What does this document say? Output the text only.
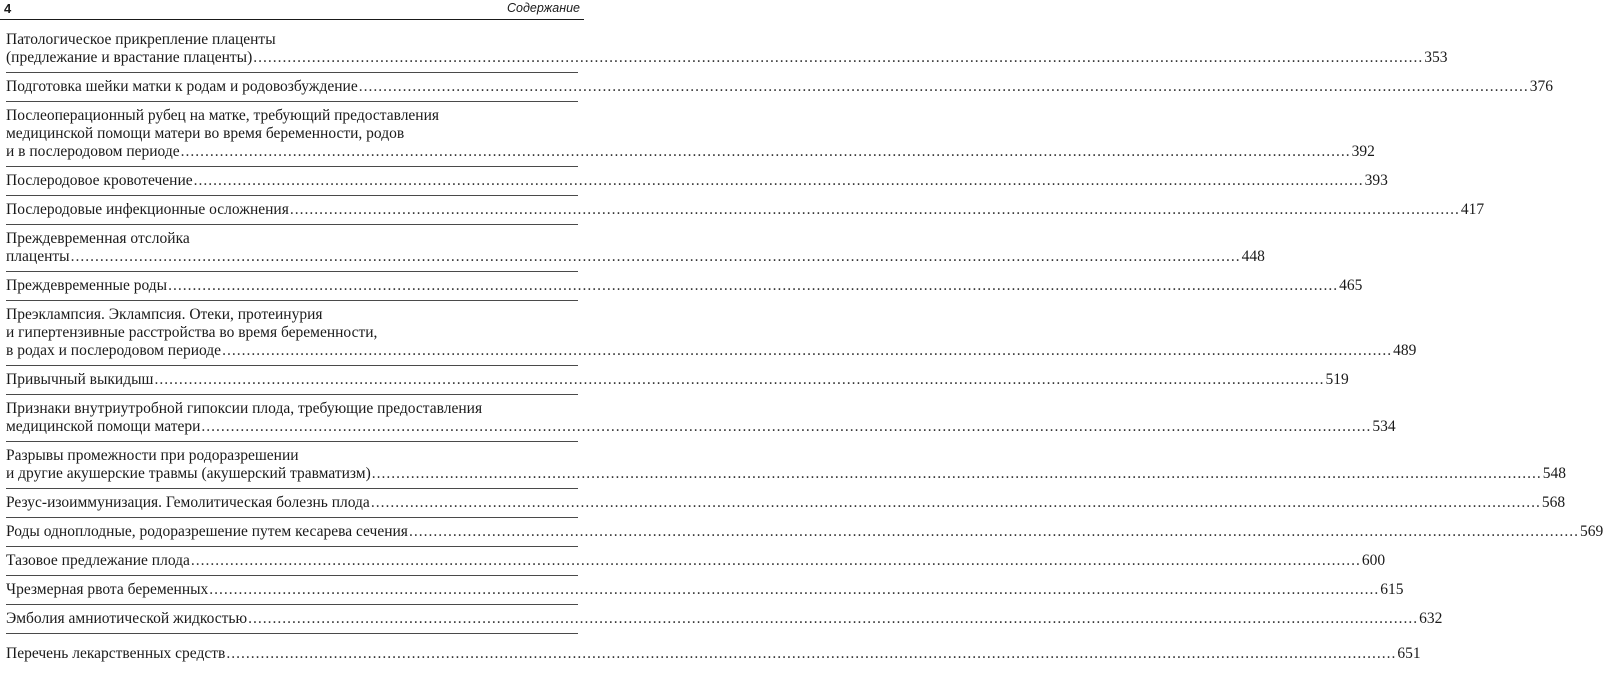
4	Содержание
Патологическое прикрепление плаценты
(предлежание и врастание плаценты) .....	353
Подготовка шейки матки к родам и родовозбуждение .....	376
Послеоперационный рубец на матке, требующий предоставления
медицинской помощи матери во время беременности, родов
и в послеродовом периоде .....	392
Послеродовое кровотечение .....	393
Послеродовые инфекционные осложнения .....	417
Преждевременная отслойка
плаценты .....	448
Преждевременные роды .....	465
Преэклампсия. Эклампсия. Отеки, протеинурия
и гипертензивные расстройства во время беременности,
в родах и послеродовом периоде .....	489
Привычный выкидыш .....	519
Признаки внутриутробной гипоксии плода, требующие предоставления
медицинской помощи матери .....	534
Разрывы промежности при родоразрешении
и другие акушерские травмы (акушерский травматизм) .....	548
Резус-изоиммунизация. Гемолитическая болезнь плода .....	568
Роды одноплодные, родоразрешение путем кесарева сечения .....	569
Тазовое предлежание плода .....	600
Чрезмерная рвота беременных .....	615
Эмболия амниотической жидкостью .....	632
Перечень лекарственных средств .....	651
